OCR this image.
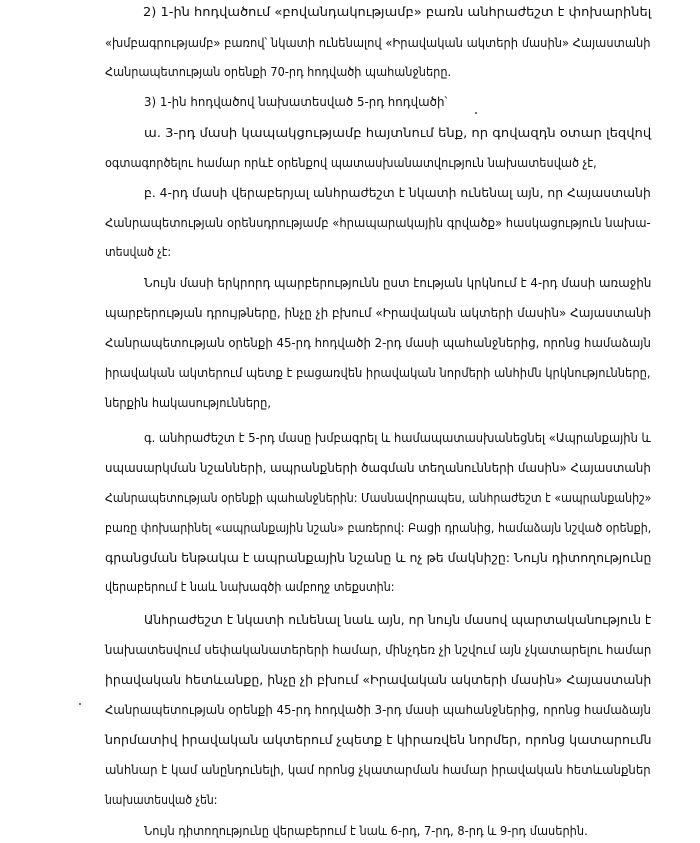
2) 1-ին հոդվածում «բովանդակությամբ» բառն անհրաժեշտ է փոխարինել
«խմբագրությամբ» բառով՝ նկատի ունենալով «Իրավական ակտերի մասին» Հայաստանի
Հանրապետության օրենքի 70-րդ հոդվածի պահանջները.
3) 1-ին հոդվածով նախատեսված 5-րդ հոդվածի՝
ա. 3-րդ մասի կապակցությամբ հայտնում ենք, որ գովազդն օտար լեզվով
օգտագործելու համար որևէ օրենքով պատասխանատվություն նախատեսված չէ,
բ. 4-րդ մասի վերաբերյալ անհրաժեշտ է նկատի ունենալ այն, որ Հայաստանի
Հանրապետության օրենսդրությամբ «հրապարակային գրվածք» հասկացություն նախա-
տեսված չէ:
Նույն մասի երկրորդ պարբերությունն ըստ էության կրկնում է 4-րդ մասի առաջին
պարբերության դրույթները, ինչը չի բխում «Իրավական ակտերի մասին» Հայաստանի
Հանրապետության օրենքի 45-րդ հոդվածի 2-րդ մասի պահանջներից, որոնց համաձայն
իրավական ակտերում պետք է բացառվեն իրավական նորմերի անհիմն կրկնությունները,
ներքին հակասությունները,
գ. անհրաժեշտ է 5-րդ մասը խմբագրել և համապատասխանեցնել «Ապրանքային և
սպասարկման նշանների, ապրանքների ծագման տեղանունների մասին» Հայաստանի
Հանրապետության օրենքի պահանջներին: Մասնավորապես, անհրաժեշտ է «ապրանքանիշ»
բառը փոխարինել «ապրանքային նշան» բառերով: Բացի դրանից, համաձայն նշված օրենքի,
գրանցման ենթակա է ապրանքային նշանը և ոչ թե մակնիշը: Նույն դիտողությունը
վերաբերում է նաև նախագծի ամբողջ տեքստին:
Անհրաժեշտ է նկատի ունենալ նաև այն, որ նույն մասով պարտականություն է
նախատեսվում սեփականատերերի համար, մինչդեռ չի նշվում այն չկատարելու համար
իրավական հետևանքը, ինչը չի բխում «Իրավական ակտերի մասին» Հայաստանի
Հանրապետության օրենքի 45-րդ հոդվածի 3-րդ մասի պահանջներից, որոնց համաձայն
նորմատիվ իրավական ակտերում չպետք է կիրառվեն նորմեր, որոնց կատարումն
անհնար է կամ անընդունելի, կամ որոնց չկատարման համար իրավական հետևանքներ
նախատեսված չեն:
Նույն դիտողությունը վերաբերում է նաև 6-րդ, 7-րդ, 8-րդ և 9-րդ մասերին.
